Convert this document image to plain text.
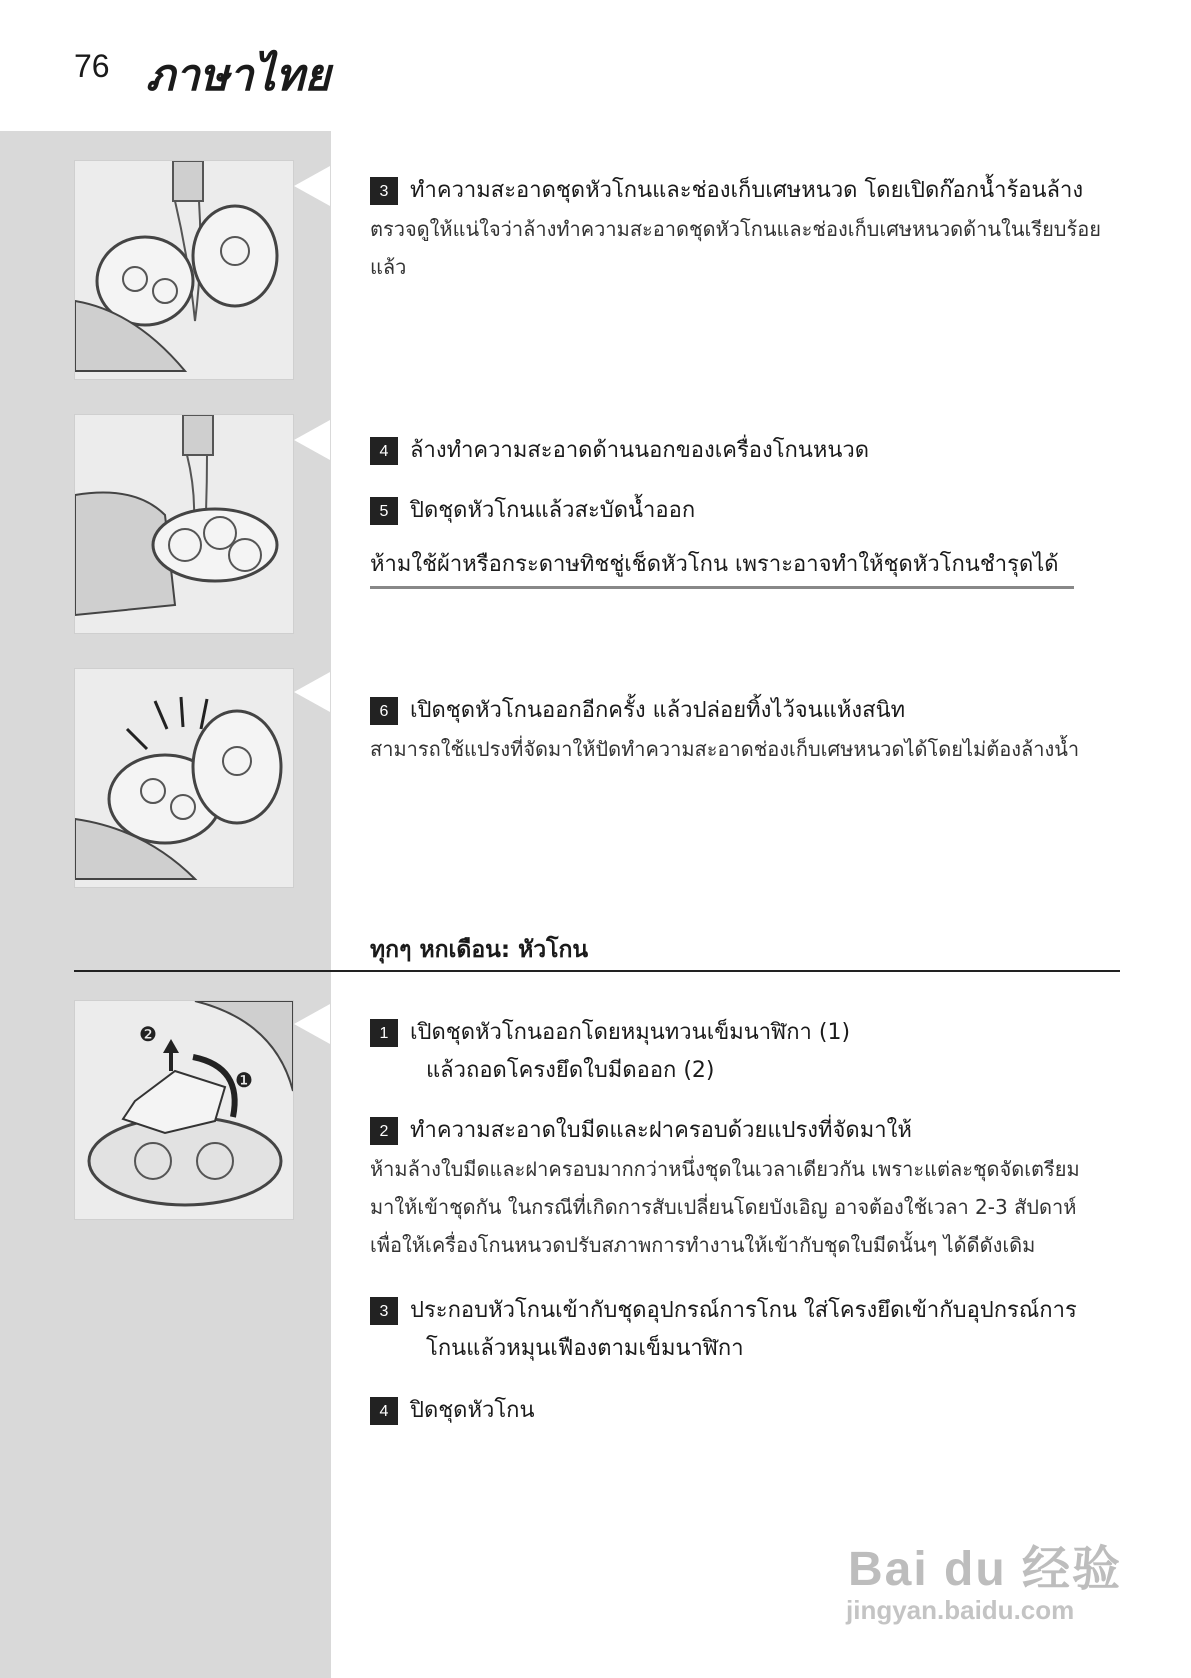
76 ภาษาไทย
3 ทำความสะอาดชุดหัวโกนและช่องเก็บเศษหนวด โดยเปิดก๊อกน้ำร้อนล้าง
ตรวจดูให้แน่ใจว่าล้างทำความสะอาดชุดหัวโกนและช่องเก็บเศษหนวดด้านในเรียบร้อยแล้ว
4 ล้างทำความสะอาดด้านนอกของเครื่องโกนหนวด
5 ปิดชุดหัวโกนแล้วสะบัดน้ำออก
ห้ามใช้ผ้าหรือกระดาษทิชชู่เช็ดหัวโกน เพราะอาจทำให้ชุดหัวโกนชำรุดได้
6 เปิดชุดหัวโกนออกอีกครั้ง แล้วปล่อยทิ้งไว้จนแห้งสนิท
สามารถใช้แปรงที่จัดมาให้ปัดทำความสะอาดช่องเก็บเศษหนวดได้โดยไม่ต้องล้างน้ำ
ทุกๆ หกเดือน: หัวโกน
❷
❶
1 เปิดชุดหัวโกนออกโดยหมุนทวนเข็มนาฬิกา (1)
แล้วถอดโครงยึดใบมีดออก (2)
2 ทำความสะอาดใบมีดและฝาครอบด้วยแปรงที่จัดมาให้
ห้ามล้างใบมีดและฝาครอบมากกว่าหนึ่งชุดในเวลาเดียวกัน เพราะแต่ละชุดจัดเตรียม
มาให้เข้าชุดกัน ในกรณีที่เกิดการสับเปลี่ยนโดยบังเอิญ อาจต้องใช้เวลา 2-3 สัปดาห์
เพื่อให้เครื่องโกนหนวดปรับสภาพการทำงานให้เข้ากับชุดใบมีดนั้นๆ ได้ดีดังเดิม
3 ประกอบหัวโกนเข้ากับชุดอุปกรณ์การโกน ใส่โครงยึดเข้ากับอุปกรณ์การ
โกนแล้วหมุนเฟืองตามเข็มนาฬิกา
4 ปิดชุดหัวโกน
Bai du 经验
jingyan.baidu.com
